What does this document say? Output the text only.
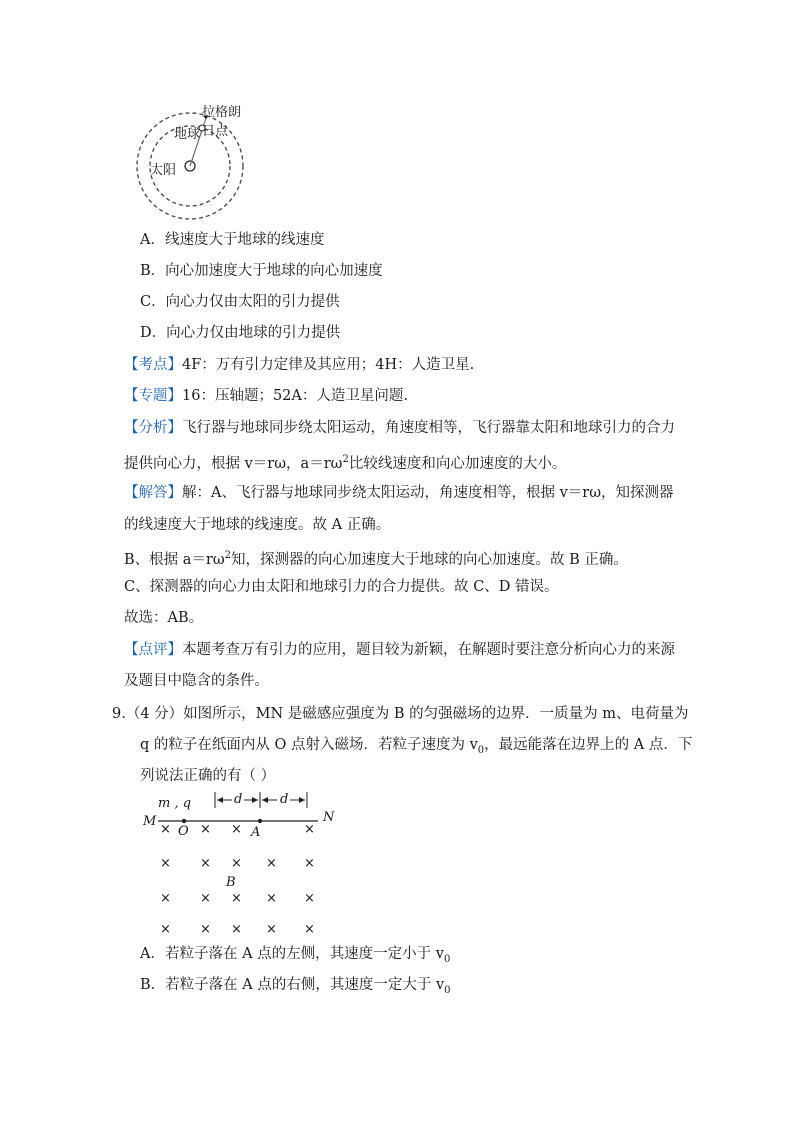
拉格朗日点
地球
太阳
A．线速度大于地球的线速度
B．向心加速度大于地球的向心加速度
C．向心力仅由太阳的引力提供
D．向心力仅由地球的引力提供
【考点】4F：万有引力定律及其应用；4H：人造卫星.
【专题】16：压轴题；52A：人造卫星问题.
【分析】飞行器与地球同步绕太阳运动，角速度相等，飞行器靠太阳和地球引力的合力
提供向心力，根据 v＝rω，$a=r\omega^2$比较线速度和向心加速度的大小。
【解答】解：A、飞行器与地球同步绕太阳运动，角速度相等，根据 v＝rω，知探测器
的线速度大于地球的线速度。故 A 正确。
B、根据 $a=r\omega^2$知，探测器的向心加速度大于地球的向心加速度。故 B 正确。
C、探测器的向心力由太阳和地球引力的合力提供。故 C、D 错误。
故选：AB。
【点评】本题考查万有引力的应用，题目较为新颖，在解题时要注意分析向心力的来源
及题目中隐含的条件。
9.（4 分）如图所示，MN 是磁感应强度为 B 的匀强磁场的边界．一质量为 m、电荷量为
q 的粒子在纸面内从 O 点射入磁场．若粒子速度为 $v_0$，最远能落在边界上的 A 点．下
列说法正确的有（ ）
m , q	d	d
M	N
O	A
B
× × ×	×
× × × × ×
× × × × ×
× × × × ×
A．若粒子落在 A 点的左侧，其速度一定小于 $v_0$
B．若粒子落在 A 点的右侧，其速度一定大于 $v_0$
